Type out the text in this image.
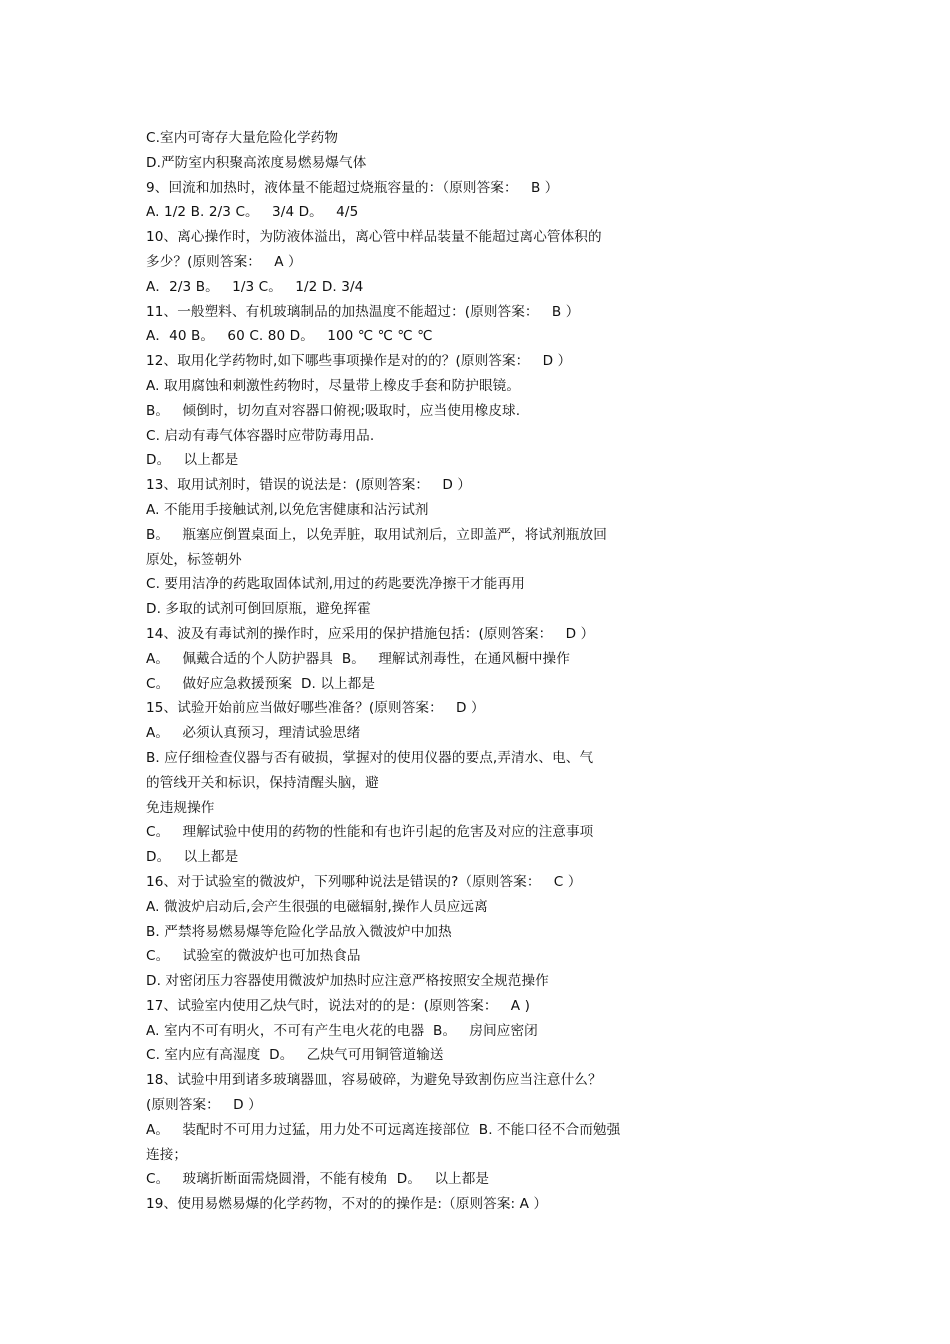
C.室内可寄存大量危险化学药物
D.严防室内积聚高浓度易燃易爆气体
9、回流和加热时，液体量不能超过烧瓶容量的：（原则答案：   B ）
A. 1/2 B. 2/3 C。   3/4 D。   4/5
10、离心操作时，为防液体溢出，离心管中样品装量不能超过离心管体积的
多少？(原则答案：   A ）
A．2/3 B。   1/3 C。   1/2 D. 3/4
11、一般塑料、有机玻璃制品的加热温度不能超过：(原则答案：   B ）
A．40 B。   60 C. 80 D。   100 ℃ ℃ ℃ ℃
12、取用化学药物时,如下哪些事项操作是对的的？(原则答案：   D ）
A. 取用腐蚀和刺激性药物时，尽量带上橡皮手套和防护眼镜。
B。   倾倒时，切勿直对容器口俯视;吸取时，应当使用橡皮球.
C. 启动有毒气体容器时应带防毒用品.
D。   以上都是
13、取用试剂时，错误的说法是：(原则答案：   D ）
A. 不能用手接触试剂,以免危害健康和沾污试剂
B。   瓶塞应倒置桌面上，以免弄脏，取用试剂后，立即盖严，将试剂瓶放回
原处，标签朝外
C. 要用洁净的药匙取固体试剂,用过的药匙要洗净擦干才能再用
D. 多取的试剂可倒回原瓶，避免挥霍
14、波及有毒试剂的操作时，应采用的保护措施包括：(原则答案：   D ）
A。   佩戴合适的个人防护器具  B。   理解试剂毒性，在通风橱中操作
C。   做好应急救援预案  D. 以上都是
15、试验开始前应当做好哪些准备？(原则答案：   D ）
A。   必须认真预习，理清试验思绪
B. 应仔细检查仪器与否有破损，掌握对的使用仪器的要点,弄清水、电、气
的管线开关和标识，保持清醒头脑，避
免违规操作
C。   理解试验中使用的药物的性能和有也许引起的危害及对应的注意事项
D。   以上都是
16、对于试验室的微波炉，下列哪种说法是错误的?（原则答案：   C ）
A. 微波炉启动后,会产生很强的电磁辐射,操作人员应远离
B. 严禁将易燃易爆等危险化学品放入微波炉中加热
C。   试验室的微波炉也可加热食品
D. 对密闭压力容器使用微波炉加热时应注意严格按照安全规范操作
17、试验室内使用乙炔气时，说法对的的是：(原则答案：   A )
A. 室内不可有明火，不可有产生电火花的电器  B。   房间应密闭
C. 室内应有高湿度  D。   乙炔气可用铜管道输送
18、试验中用到诸多玻璃器皿，容易破碎，为避免导致割伤应当注意什么？
(原则答案：   D ）
A。   装配时不可用力过猛，用力处不可远离连接部位  B. 不能口径不合而勉强
连接；
C。   玻璃折断面需烧圆滑，不能有棱角  D。   以上都是
19、使用易燃易爆的化学药物，不对的的操作是:（原则答案: A ）
